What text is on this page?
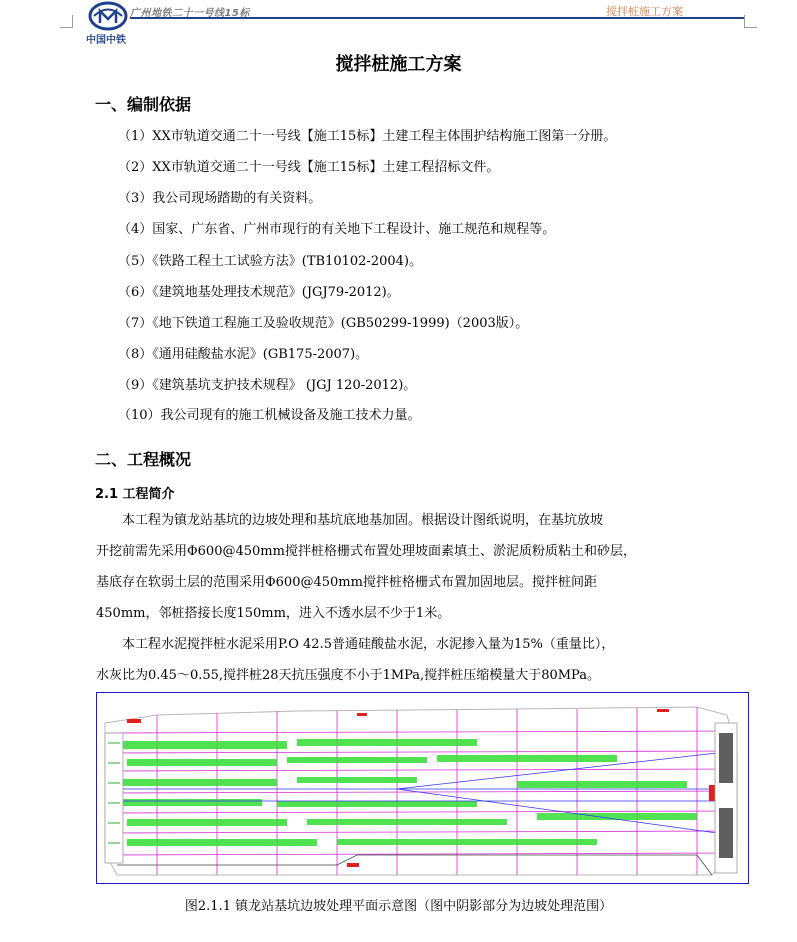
中国中铁
广州地铁二十一号线15标	搅拌桩施工方案
搅拌桩施工方案
一、编制依据
（1）XX市轨道交通二十一号线【施工15标】土建工程主体围护结构施工图第一分册。
（2）XX市轨道交通二十一号线【施工15标】土建工程招标文件。
（3）我公司现场踏勘的有关资料。
（4）国家、广东省、广州市现行的有关地下工程设计、施工规范和规程等。
（5）《铁路工程土工试验方法》(TB10102-2004)。
（6）《建筑地基处理技术规范》(JGJ79-2012)。
（7）《地下铁道工程施工及验收规范》(GB50299-1999)（2003版）。
（8）《通用硅酸盐水泥》(GB175-2007)。
（9）《建筑基坑支护技术规程》 (JGJ 120-2012)。
（10）我公司现有的施工机械设备及施工技术力量。
二、工程概况
2.1 工程简介
本工程为镇龙站基坑的边坡处理和基坑底地基加固。根据设计图纸说明，在基坑放坡
开挖前需先采用Φ600@450mm搅拌桩格栅式布置处理坡面素填土、淤泥质粉质粘土和砂层，
基底存在软弱土层的范围采用Φ600@450mm搅拌桩格栅式布置加固地层。搅拌桩间距
450mm，邻桩搭接长度150mm，进入不透水层不少于1米。
本工程水泥搅拌桩水泥采用P.O 42.5普通硅酸盐水泥，水泥掺入量为15%（重量比），
水灰比为0.45～0.55,搅拌桩28天抗压强度不小于1MPa,搅拌桩压缩模量大于80MPa。
图2.1.1 镇龙站基坑边坡处理平面示意图（图中阴影部分为边坡处理范围）
